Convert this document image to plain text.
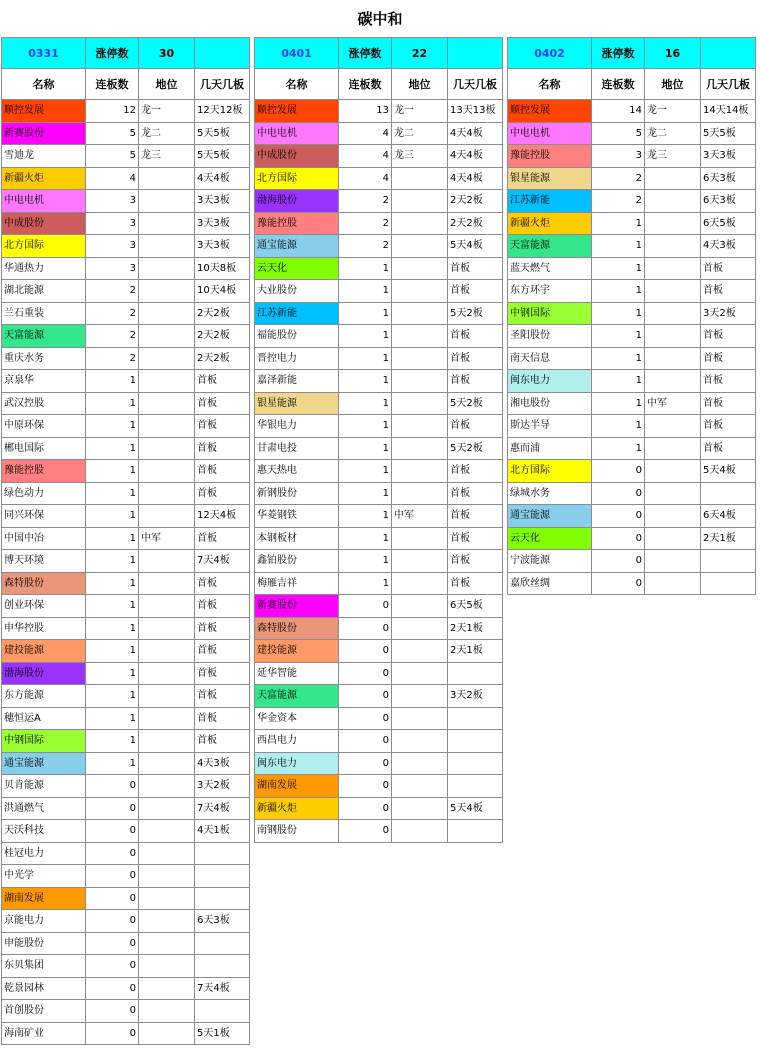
碳中和
0331	涨停数	30	
名称	连板数	地位	几天几板
顺控发展	12	龙一	12天12板
新赛股份	5	龙二	5天5板
雪迪龙	5	龙三	5天5板
新疆火炬	4		4天4板
中电电机	3		3天3板
中成股份	3		3天3板
北方国际	3		3天3板
华通热力	3		10天8板
湖北能源	2		10天4板
兰石重装	2		2天2板
天富能源	2		2天2板
重庆水务	2		2天2板
京泉华	1		首板
武汉控股	1		首板
中原环保	1		首板
郴电国际	1		首板
豫能控股	1		首板
绿色动力	1		首板
同兴环保	1		12天4板
中国中冶	1	中军	首板
博天环境	1		7天4板
森特股份	1		首板
创业环保	1		首板
申华控股	1		首板
建投能源	1		首板
渤海股份	1		首板
东方能源	1		首板
穗恒运A	1		首板
中钢国际	1		首板
通宝能源	1		4天3板
贝肯能源	0		3天2板
洪通燃气	0		7天4板
天沃科技	0		4天1板
桂冠电力	0		
中光学	0		
湖南发展	0		
京能电力	0		6天3板
申能股份	0		
东贝集团	0		
乾景园林	0		7天4板
首创股份	0		
海南矿业	0		5天1板
0401	涨停数	22	
名称	连板数	地位	几天几板
顺控发展	13	龙一	13天13板
中电电机	4	龙二	4天4板
中成股份	4	龙三	4天4板
北方国际	4		4天4板
渤海股份	2		2天2板
豫能控股	2		2天2板
通宝能源	2		5天4板
云天化	1		首板
大业股份	1		首板
江苏新能	1		5天2板
福能股份	1		首板
晋控电力	1		首板
嘉泽新能	1		首板
银星能源	1		5天2板
华银电力	1		首板
甘肃电投	1		5天2板
惠天热电	1		首板
新钢股份	1		首板
华菱钢铁	1	中军	首板
本钢板材	1		首板
鑫铂股份	1		首板
梅雁吉祥	1		首板
新赛股份	0		6天5板
森特股份	0		2天1板
建投能源	0		2天1板
延华智能	0		
天富能源	0		3天2板
华金资本	0		
西昌电力	0		
闽东电力	0		
湖南发展	0		
新疆火炬	0		5天4板
南钢股份	0		
0402	涨停数	16	
名称	连板数	地位	几天几板
顺控发展	14	龙一	14天14板
中电电机	5	龙二	5天5板
豫能控股	3	龙三	3天3板
银星能源	2		6天3板
江苏新能	2		6天3板
新疆火炬	1		6天5板
天富能源	1		4天3板
蓝天燃气	1		首板
东方环宇	1		首板
中钢国际	1		3天2板
圣阳股份	1		首板
南天信息	1		首板
闽东电力	1		首板
湘电股份	1	中军	首板
斯达半导	1		首板
惠而浦	1		首板
北方国际	0		5天4板
绿城水务	0		
通宝能源	0		6天4板
云天化	0		2天1板
宁波能源	0		
嘉欣丝绸	0		
